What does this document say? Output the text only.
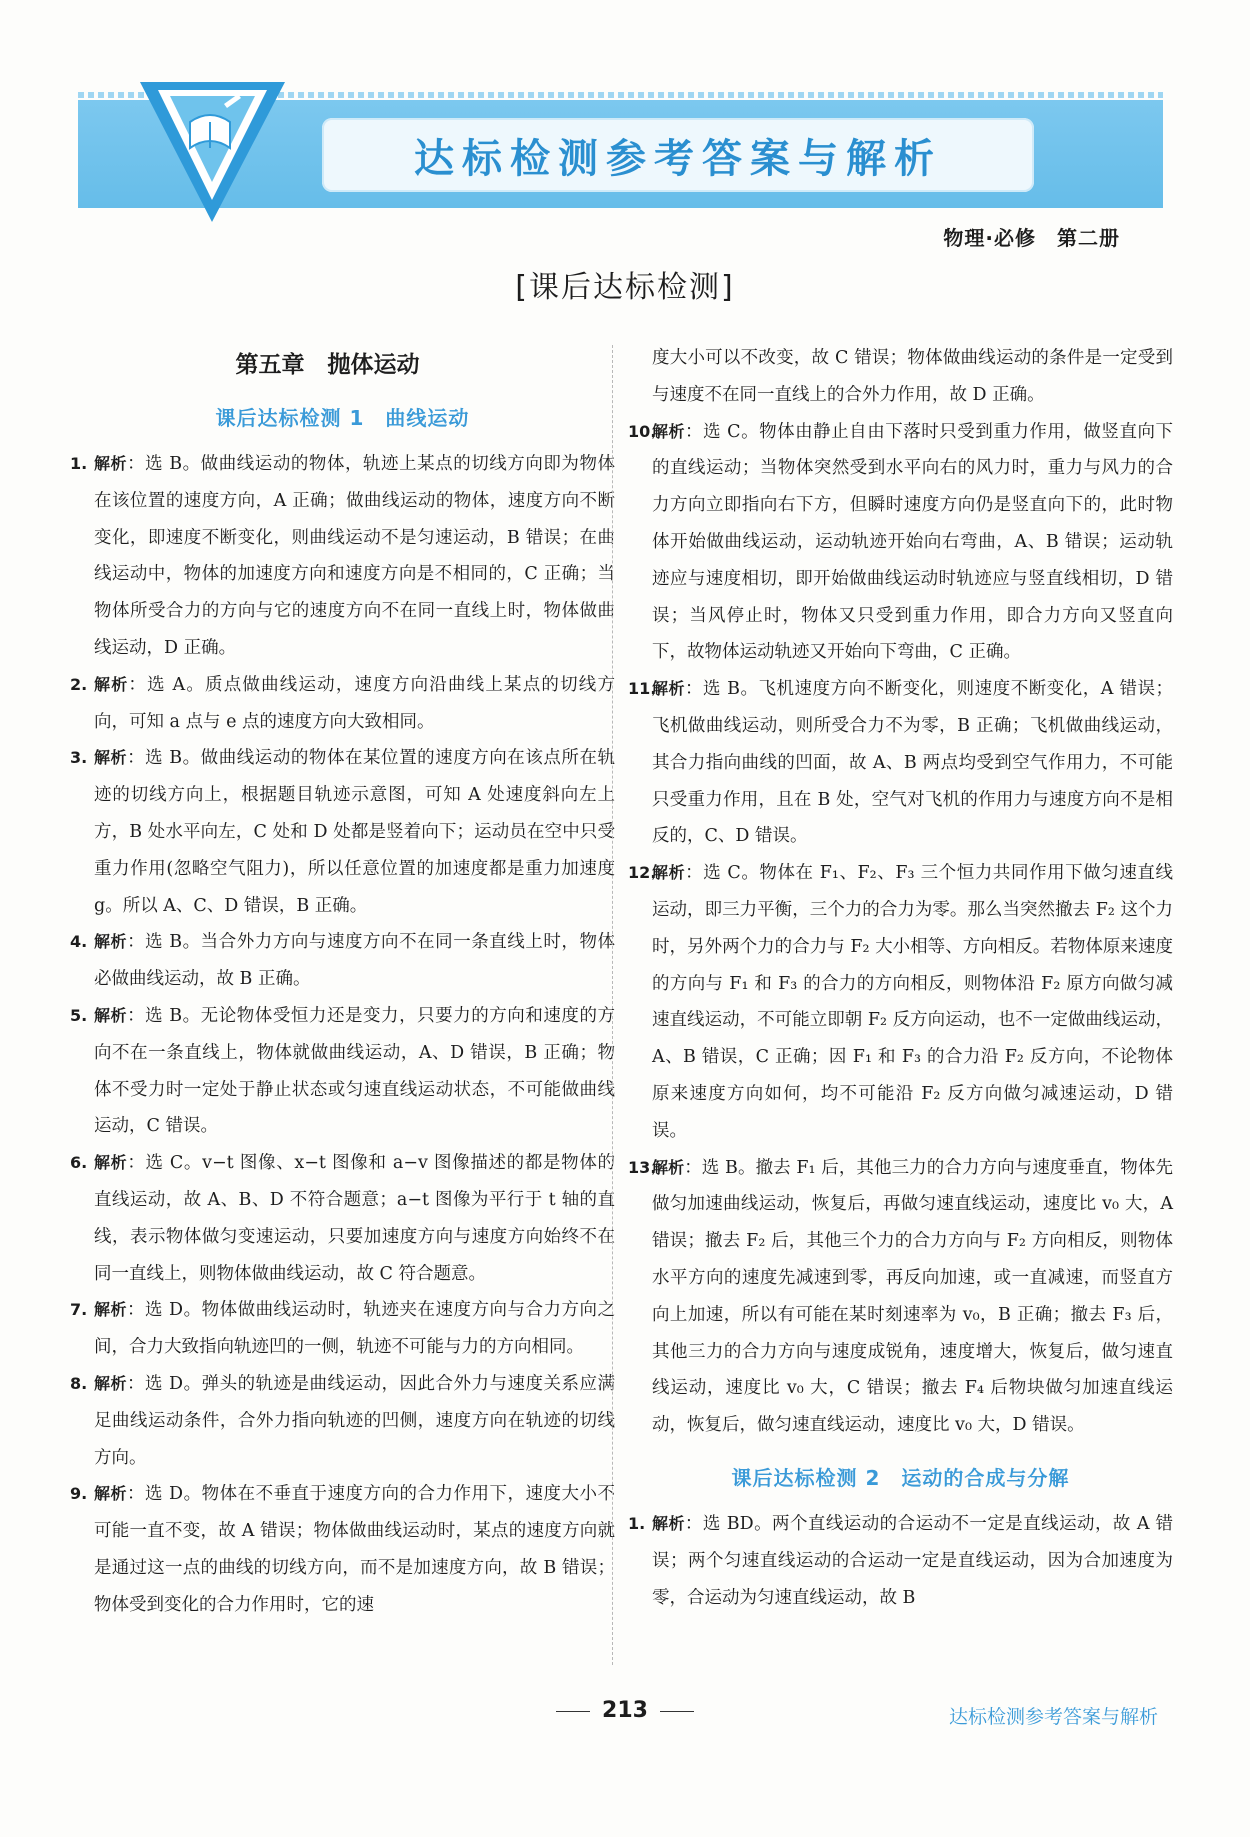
达标检测参考答案与解析
物理·必修　第二册
[课后达标检测]
第五章　抛体运动
课后达标检测 1　曲线运动
1. 解析：选 B。做曲线运动的物体，轨迹上某点的切线方向即为物体在该位置的速度方向，A 正确；做曲线运动的物体，速度方向不断变化，即速度不断变化，则曲线运动不是匀速运动，B 错误；在曲线运动中，物体的加速度方向和速度方向是不相同的，C 正确；当物体所受合力的方向与它的速度方向不在同一直线上时，物体做曲线运动，D 正确。
2. 解析：选 A。质点做曲线运动，速度方向沿曲线上某点的切线方向，可知 a 点与 e 点的速度方向大致相同。
3. 解析：选 B。做曲线运动的物体在某位置的速度方向在该点所在轨迹的切线方向上，根据题目轨迹示意图，可知 A 处速度斜向左上方，B 处水平向左，C 处和 D 处都是竖着向下；运动员在空中只受重力作用(忽略空气阻力)，所以任意位置的加速度都是重力加速度 g。所以 A、C、D 错误，B 正确。
4. 解析：选 B。当合外力方向与速度方向不在同一条直线上时，物体必做曲线运动，故 B 正确。
5. 解析：选 B。无论物体受恒力还是变力，只要力的方向和速度的方向不在一条直线上，物体就做曲线运动，A、D 错误，B 正确；物体不受力时一定处于静止状态或匀速直线运动状态，不可能做曲线运动，C 错误。
6. 解析：选 C。v−t 图像、x−t 图像和 a−v 图像描述的都是物体的直线运动，故 A、B、D 不符合题意；a−t 图像为平行于 t 轴的直线，表示物体做匀变速运动，只要加速度方向与速度方向始终不在同一直线上，则物体做曲线运动，故 C 符合题意。
7. 解析：选 D。物体做曲线运动时，轨迹夹在速度方向与合力方向之间，合力大致指向轨迹凹的一侧，轨迹不可能与力的方向相同。
8. 解析：选 D。弹头的轨迹是曲线运动，因此合外力与速度关系应满足曲线运动条件，合外力指向轨迹的凹侧，速度方向在轨迹的切线方向。
9. 解析：选 D。物体在不垂直于速度方向的合力作用下，速度大小不可能一直不变，故 A 错误；物体做曲线运动时，某点的速度方向就是通过这一点的曲线的切线方向，而不是加速度方向，故 B 错误；物体受到变化的合力作用时，它的速
度大小可以不改变，故 C 错误；物体做曲线运动的条件是一定受到与速度不在同一直线上的合外力作用，故 D 正确。
10.
解析：选 C。物体由静止自由下落时只受到重力作用，做竖直向下的直线运动；当物体突然受到水平向右的风力时，重力与风力的合力方向立即指向右下方，但瞬时速度方向仍是竖直向下的，此时物体开始做曲线运动，运动轨迹开始向右弯曲，A、B 错误；运动轨迹应与速度相切，即开始做曲线运动时轨迹应与竖直线相切，D 错误；当风停止时，物体又只受到重力作用，即合力方向又竖直向下，故物体运动轨迹又开始向下弯曲，C 正确。
11.
解析：选 B。飞机速度方向不断变化，则速度不断变化，A 错误；飞机做曲线运动，则所受合力不为零，B 正确；飞机做曲线运动，其合力指向曲线的凹面，故 A、B 两点均受到空气作用力，不可能只受重力作用，且在 B 处，空气对飞机的作用力与速度方向不是相反的，C、D 错误。
12.
解析：选 C。物体在 F₁、F₂、F₃ 三个恒力共同作用下做匀速直线运动，即三力平衡，三个力的合力为零。那么当突然撤去 F₂ 这个力时，另外两个力的合力与 F₂ 大小相等、方向相反。若物体原来速度的方向与 F₁ 和 F₃ 的合力的方向相反，则物体沿 F₂ 原方向做匀减速直线运动，不可能立即朝 F₂ 反方向运动，也不一定做曲线运动，A、B 错误，C 正确；因 F₁ 和 F₃ 的合力沿 F₂ 反方向，不论物体原来速度方向如何，均不可能沿 F₂ 反方向做匀减速运动，D 错误。
13.
解析：选 B。撤去 F₁ 后，其他三力的合力方向与速度垂直，物体先做匀加速曲线运动，恢复后，再做匀速直线运动，速度比 v₀ 大，A 错误；撤去 F₂ 后，其他三个力的合力方向与 F₂ 方向相反，则物体水平方向的速度先减速到零，再反向加速，或一直减速，而竖直方向上加速，所以有可能在某时刻速率为 v₀，B 正确；撤去 F₃ 后，其他三力的合力方向与速度成锐角，速度增大，恢复后，做匀速直线运动，速度比 v₀ 大，C 错误；撤去 F₄ 后物块做匀加速直线运动，恢复后，做匀速直线运动，速度比 v₀ 大，D 错误。
课后达标检测 2　运动的合成与分解
1. 解析：选 BD。两个直线运动的合运动不一定是直线运动，故 A 错误；两个匀速直线运动的合运动一定是直线运动，因为合加速度为零，合运动为匀速直线运动，故 B
213	达标检测参考答案与解析
